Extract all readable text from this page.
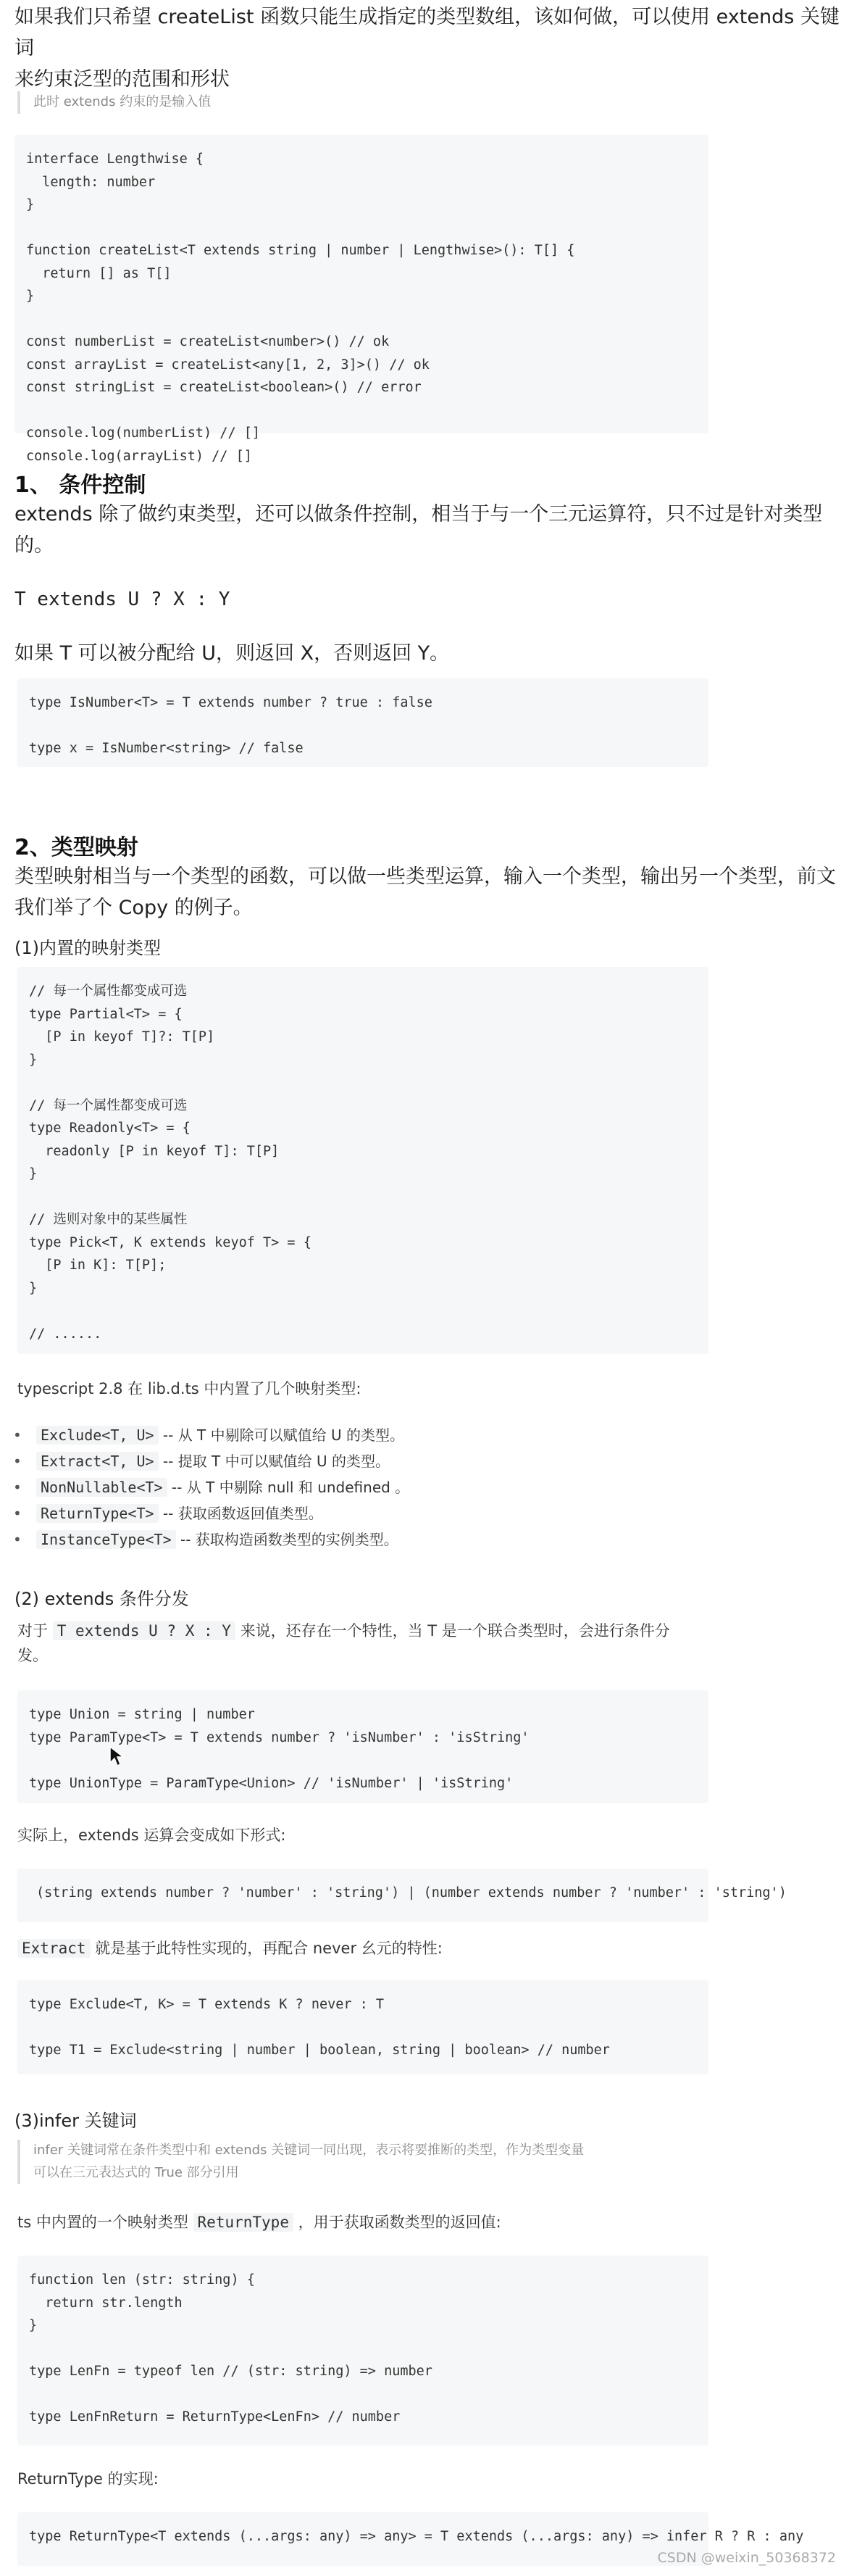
如果我们只希望 createList 函数只能生成指定的类型数组，该如何做，可以使用 extends 关键词
来约束泛型的范围和形状
此时 extends 约束的是输入值
interface Lengthwise {
length: number
}

function createList<T extends string | number | Lengthwise>(): T[] {
return [] as T[]
}

const numberList = createList<number>() // ok
const arrayList = createList<any[1, 2, 3]>() // ok
const stringList = createList<boolean>() // error

console.log(numberList) // []
console.log(arrayList) // []
1、 条件控制
extends 除了做约束类型，还可以做条件控制，相当于与一个三元运算符，只不过是针对类型
的。
T extends U ? X : Y
如果 T 可以被分配给 U，则返回 X，否则返回 Y。
type IsNumber<T> = T extends number ? true : false

type x = IsNumber<string> // false
2、类型映射
类型映射相当与一个类型的函数，可以做一些类型运算，输入一个类型，输出另一个类型，前文
我们举了个 Copy 的例子。
(1)内置的映射类型
// 每一个属性都变成可选
type Partial<T> = {
[P in keyof T]?: T[P]
}

// 每一个属性都变成可选
type Readonly<T> = {
readonly [P in keyof T]: T[P]
}

// 选则对象中的某些属性
type Pick<T, K extends keyof T> = {
[P in K]: T[P];
}

// ......
typescript 2.8 在 lib.d.ts 中内置了几个映射类型:
• Exclude<T, U> -- 从 T 中剔除可以赋值给 U 的类型。
• Extract<T, U> -- 提取 T 中可以赋值给 U 的类型。
• NonNullable<T> -- 从 T 中剔除 null 和 undefined 。
• ReturnType<T> -- 获取函数返回值类型。
• InstanceType<T> -- 获取构造函数类型的实例类型。
(2) extends 条件分发
对于 T extends U ? X : Y 来说，还存在一个特性，当 T 是一个联合类型时，会进行条件分
发。
type Union = string | number
type ParamType<T> = T extends number ? 'isNumber' : 'isString'

type UnionType = ParamType<Union> // 'isNumber' | 'isString'
实际上，extends 运算会变成如下形式:
(string extends number ? 'number' : 'string') | (number extends number ? 'number' : 'string')
Extract 就是基于此特性实现的，再配合 never 幺元的特性:
type Exclude<T, K> = T extends K ? never : T

type T1 = Exclude<string | number | boolean, string | boolean> // number
(3)infer 关键词
infer 关键词常在条件类型中和 extends 关键词一同出现，表示将要推断的类型，作为类型变量
可以在三元表达式的 True 部分引用
ts 中内置的一个映射类型 ReturnType ，用于获取函数类型的返回值:
function len (str: string) {
return str.length
}

type LenFn = typeof len // (str: string) => number

type LenFnReturn = ReturnType<LenFn> // number
ReturnType 的实现:
type ReturnType<T extends (...args: any) => any> = T extends (...args: any) => infer R ? R : any
CSDN @weixin_50368372
